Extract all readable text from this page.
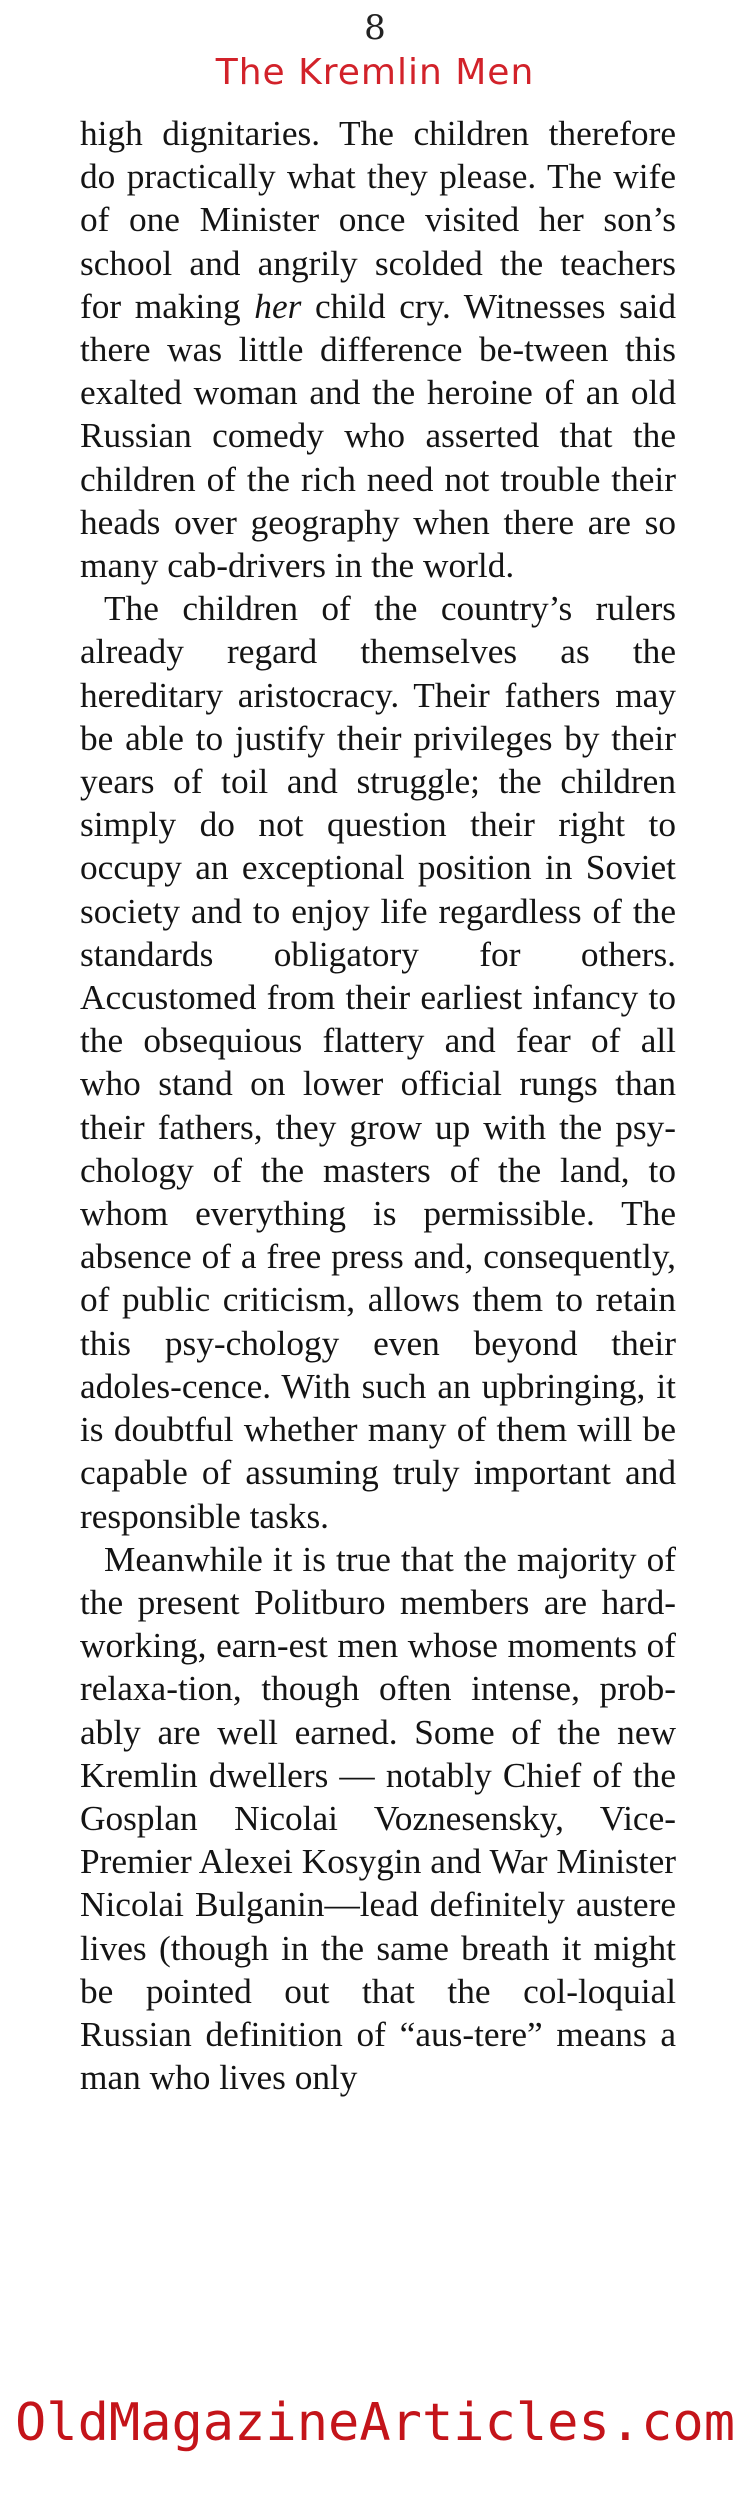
8
The Kremlin Men

high dignitaries. The children therefore do practically what they please. The wife of one Minister once visited her son’s school and angrily scolded the teachers for making her child cry. Witnesses said there was little difference be-tween this exalted woman and the heroine of an old Russian comedy who asserted that the children of the rich need not trouble their heads over geography when there are so many cab-drivers in the world.

The children of the country’s rulers already regard themselves as the hereditary aristocracy. Their fathers may be able to justify their privileges by their years of toil and struggle; the children simply do not question their right to occupy an exceptional position in Soviet society and to enjoy life regardless of the standards obligatory for others. Accustomed from their earliest infancy to the obsequious flattery and fear of all who stand on lower official rungs than their fathers, they grow up with the psy-chology of the masters of the land, to whom everything is permissible. The absence of a free press and, consequently, of public criticism, allows them to retain this psy-chology even beyond their adoles-cence. With such an upbringing, it is doubtful whether many of them will be capable of assuming truly important and responsible tasks.

Meanwhile it is true that the majority of the present Politburo members are hard-working, earn-est men whose moments of relaxa-tion, though often intense, prob-ably are well earned. Some of the new Kremlin dwellers — notably Chief of the Gosplan Nicolai Voznesensky, Vice-Premier Alexei Kosygin and War Minister Nicolai Bulganin—lead definitely austere lives (though in the same breath it might be pointed out that the col-loquial Russian definition of “aus-tere” means a man who lives only

OldMagazineArticles.com
